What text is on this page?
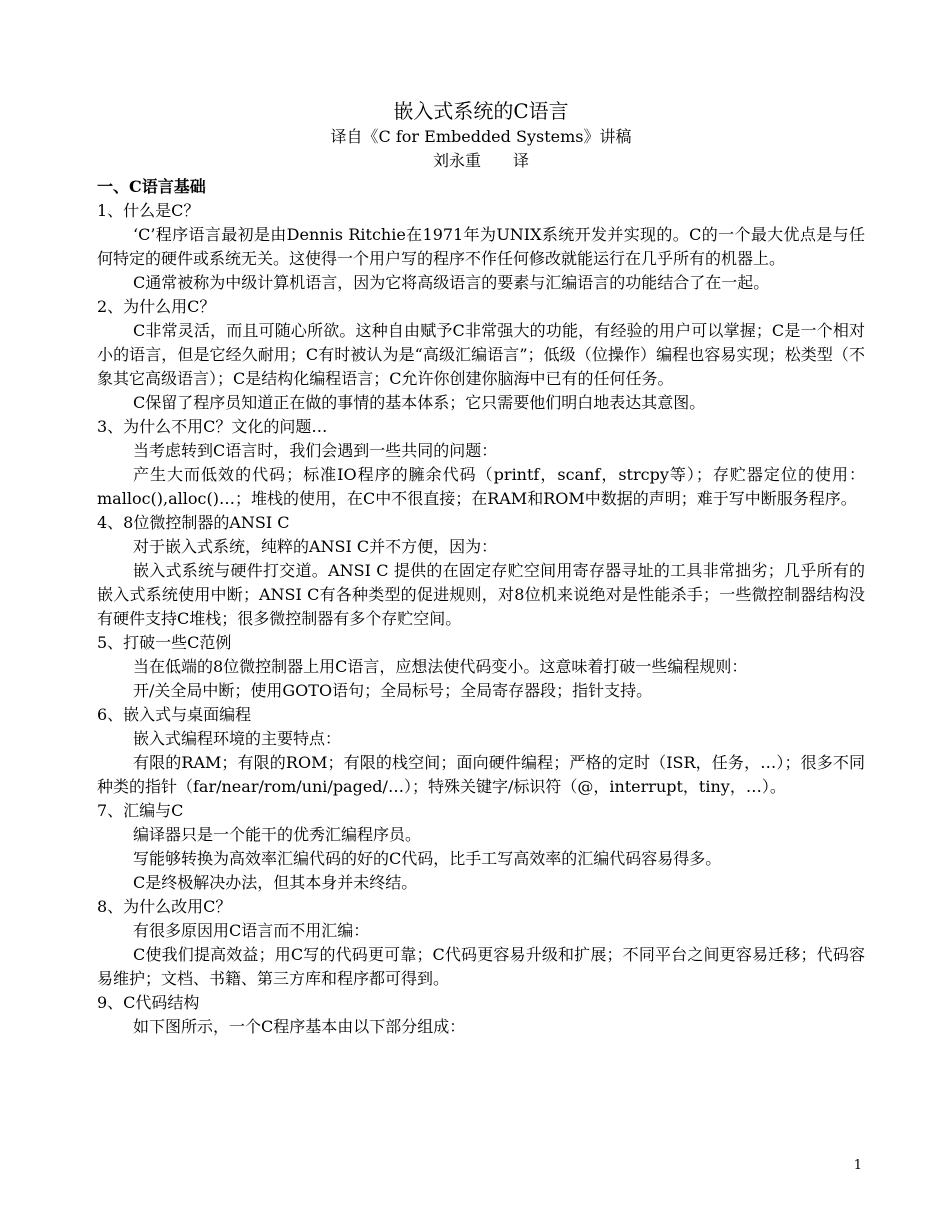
嵌入式系统的C语言

译自《C for Embedded Systems》讲稿

刘永重 译

一、C语言基础

1、什么是C？

‘C’程序语言最初是由Dennis Ritchie在1971年为UNIX系统开发并实现的。C的一个最大优点是与任何特定的硬件或系统无关。这使得一个用户写的程序不作任何修改就能运行在几乎所有的机器上。

C通常被称为中级计算机语言，因为它将高级语言的要素与汇编语言的功能结合了在一起。

2、为什么用C？

C非常灵活，而且可随心所欲。这种自由赋予C非常强大的功能，有经验的用户可以掌握；C是一个相对小的语言，但是它经久耐用；C有时被认为是“高级汇编语言”；低级（位操作）编程也容易实现；松类型（不象其它高级语言）；C是结构化编程语言；C允许你创建你脑海中已有的任何任务。

C保留了程序员知道正在做的事情的基本体系；它只需要他们明白地表达其意图。

3、为什么不用C？文化的问题…

当考虑转到C语言时，我们会遇到一些共同的问题：

产生大而低效的代码；标准IO程序的臃余代码（printf，scanf，strcpy等）；存贮器定位的使用：malloc(),alloc()…；堆栈的使用，在C中不很直接；在RAM和ROM中数据的声明；难于写中断服务程序。

4、8位微控制器的ANSI C

对于嵌入式系统，纯粹的ANSI C并不方便，因为：

嵌入式系统与硬件打交道。ANSI C 提供的在固定存贮空间用寄存器寻址的工具非常拙劣；几乎所有的嵌入式系统使用中断；ANSI C有各种类型的促进规则，对8位机来说绝对是性能杀手；一些微控制器结构没有硬件支持C堆栈；很多微控制器有多个存贮空间。

5、打破一些C范例

当在低端的8位微控制器上用C语言，应想法使代码变小。这意味着打破一些编程规则：

开/关全局中断；使用GOTO语句；全局标号；全局寄存器段；指针支持。

6、嵌入式与桌面编程

嵌入式编程环境的主要特点：

有限的RAM；有限的ROM；有限的栈空间；面向硬件编程；严格的定时（ISR，任务，…）；很多不同种类的指针（far/near/rom/uni/paged/…）；特殊关键字/标识符（@，interrupt，tiny，…）。

7、汇编与C

编译器只是一个能干的优秀汇编程序员。

写能够转换为高效率汇编代码的好的C代码，比手工写高效率的汇编代码容易得多。

C是终极解决办法，但其本身并未终结。

8、为什么改用C？

有很多原因用C语言而不用汇编：

C使我们提高效益；用C写的代码更可靠；C代码更容易升级和扩展；不同平台之间更容易迁移；代码容易维护；文档、书籍、第三方库和程序都可得到。

9、C代码结构

如下图所示，一个C程序基本由以下部分组成：

1
